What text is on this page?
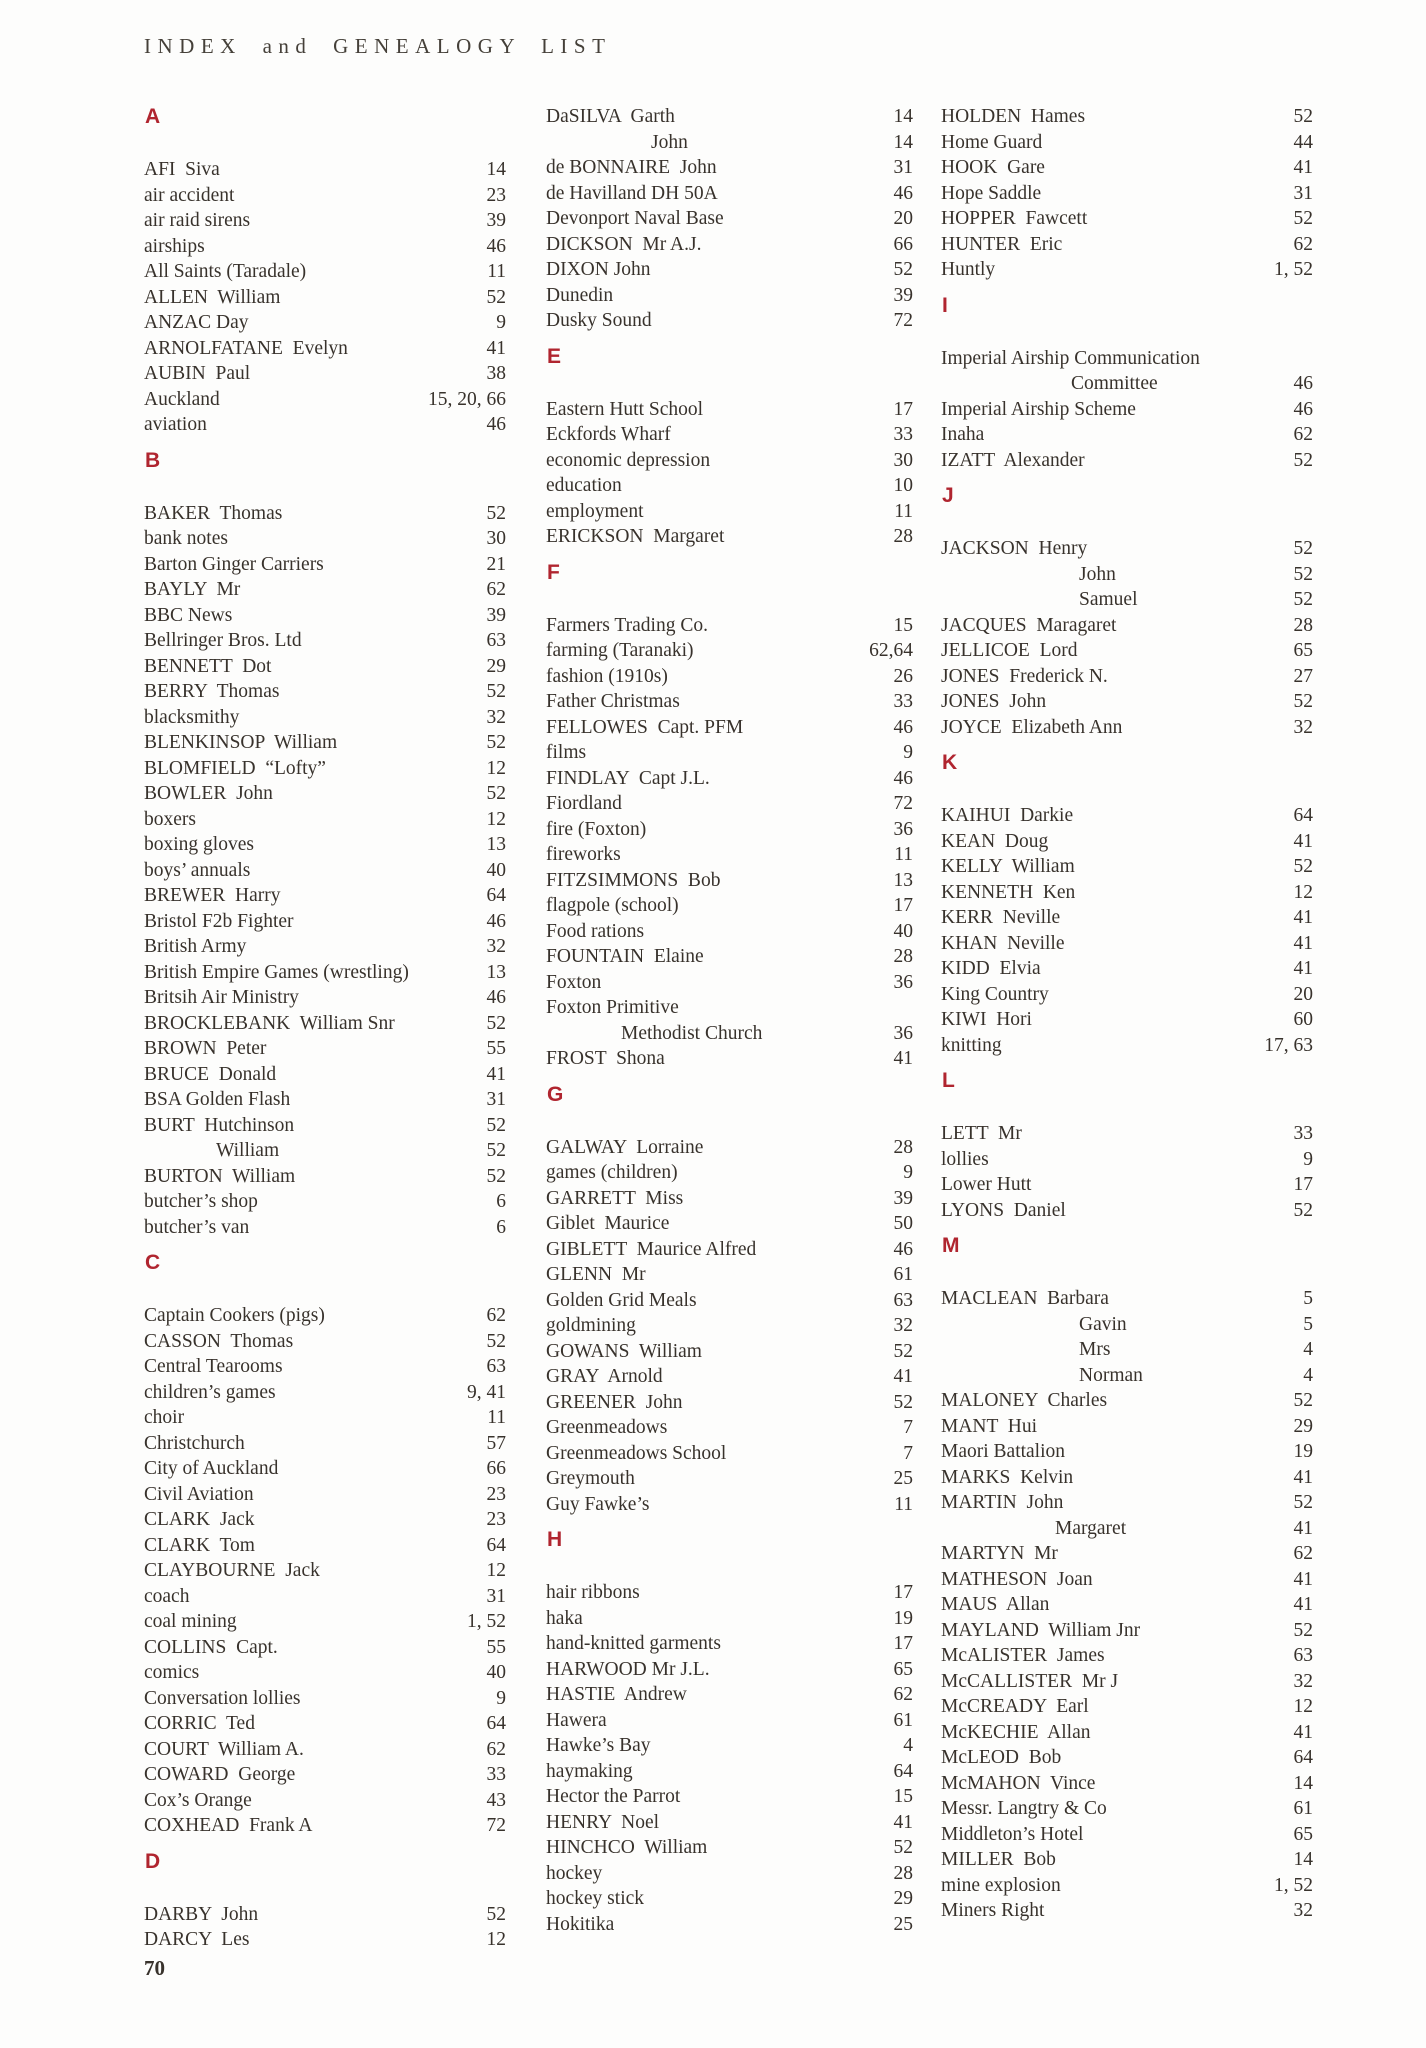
INDEX and GENEALOGY LIST
A
AFI  Siva	14
air accident	23
air raid sirens	39
airships	46
All Saints (Taradale)	11
ALLEN  William	52
ANZAC Day	9
ARNOLFATANE  Evelyn	41
AUBIN  Paul	38
Auckland	15, 20, 66
aviation	46
B
BAKER  Thomas	52
bank notes	30
Barton Ginger Carriers	21
BAYLY  Mr	62
BBC News	39
Bellringer Bros. Ltd	63
BENNETT  Dot	29
BERRY  Thomas	52
blacksmithy	32
BLENKINSOP  William	52
BLOMFIELD  “Lofty”	12
BOWLER  John	52
boxers	12
boxing gloves	13
boys’ annuals	40
BREWER  Harry	64
Bristol F2b Fighter	46
British Army	32
British Empire Games (wrestling)	13
Britsih Air Ministry	46
BROCKLEBANK  William Snr	52
BROWN  Peter	55
BRUCE  Donald	41
BSA Golden Flash	31
BURT  Hutchinson	52
William	52
BURTON  William	52
butcher’s shop	6
butcher’s van	6
C
Captain Cookers (pigs)	62
CASSON  Thomas	52
Central Tearooms	63
children’s games	9, 41
choir	11
Christchurch	57
City of Auckland	66
Civil Aviation	23
CLARK  Jack	23
CLARK  Tom	64
CLAYBOURNE  Jack	12
coach	31
coal mining	1, 52
COLLINS  Capt.	55
comics	40
Conversation lollies	9
CORRIC  Ted	64
COURT  William A.	62
COWARD  George	33
Cox’s Orange	43
COXHEAD  Frank A	72
D
DARBY  John	52
DARCY  Les	12
DaSILVA  Garth	14
John	14
de BONNAIRE  John	31
de Havilland DH 50A	46
Devonport Naval Base	20
DICKSON  Mr A.J.	66
DIXON John	52
Dunedin	39
Dusky Sound	72
E
Eastern Hutt School	17
Eckfords Wharf	33
economic depression	30
education	10
employment	11
ERICKSON  Margaret	28
F
Farmers Trading Co.	15
farming (Taranaki)	62,64
fashion (1910s)	26
Father Christmas	33
FELLOWES  Capt. PFM	46
films	9
FINDLAY  Capt J.L.	46
Fiordland	72
fire (Foxton)	36
fireworks	11
FITZSIMMONS  Bob	13
flagpole (school)	17
Food rations	40
FOUNTAIN  Elaine	28
Foxton	36
Foxton Primitive
Methodist Church	36
FROST  Shona	41
G
GALWAY  Lorraine	28
games (children)	9
GARRETT  Miss	39
Giblet  Maurice	50
GIBLETT  Maurice Alfred	46
GLENN  Mr	61
Golden Grid Meals	63
goldmining	32
GOWANS  William	52
GRAY  Arnold	41
GREENER  John	52
Greenmeadows	7
Greenmeadows School	7
Greymouth	25
Guy Fawke’s	11
H
hair ribbons	17
haka	19
hand-knitted garments	17
HARWOOD Mr J.L.	65
HASTIE  Andrew	62
Hawera	61
Hawke’s Bay	4
haymaking	64
Hector the Parrot	15
HENRY  Noel	41
HINCHCO  William	52
hockey	28
hockey stick	29
Hokitika	25
HOLDEN  Hames	52
Home Guard	44
HOOK  Gare	41
Hope Saddle	31
HOPPER  Fawcett	52
HUNTER  Eric	62
Huntly	1, 52
I
Imperial Airship Communication
Committee	46
Imperial Airship Scheme	46
Inaha	62
IZATT  Alexander	52
J
JACKSON  Henry	52
John	52
Samuel	52
JACQUES  Maragaret	28
JELLICOE  Lord	65
JONES  Frederick N.	27
JONES  John	52
JOYCE  Elizabeth Ann	32
K
KAIHUI  Darkie	64
KEAN  Doug	41
KELLY  William	52
KENNETH  Ken	12
KERR  Neville	41
KHAN  Neville	41
KIDD  Elvia	41
King Country	20
KIWI  Hori	60
knitting	17, 63
L
LETT  Mr	33
lollies	9
Lower Hutt	17
LYONS  Daniel	52
M
MACLEAN  Barbara	5
Gavin	5
Mrs	4
Norman	4
MALONEY  Charles	52
MANT  Hui	29
Maori Battalion	19
MARKS  Kelvin	41
MARTIN  John	52
Margaret	41
MARTYN  Mr	62
MATHESON  Joan	41
MAUS  Allan	41
MAYLAND  William Jnr	52
McALISTER  James	63
McCALLISTER  Mr J	32
McCREADY  Earl	12
McKECHIE  Allan	41
McLEOD  Bob	64
McMAHON  Vince	14
Messr. Langtry & Co	61
Middleton’s Hotel	65
MILLER  Bob	14
mine explosion	1, 52
Miners Right	32
70
